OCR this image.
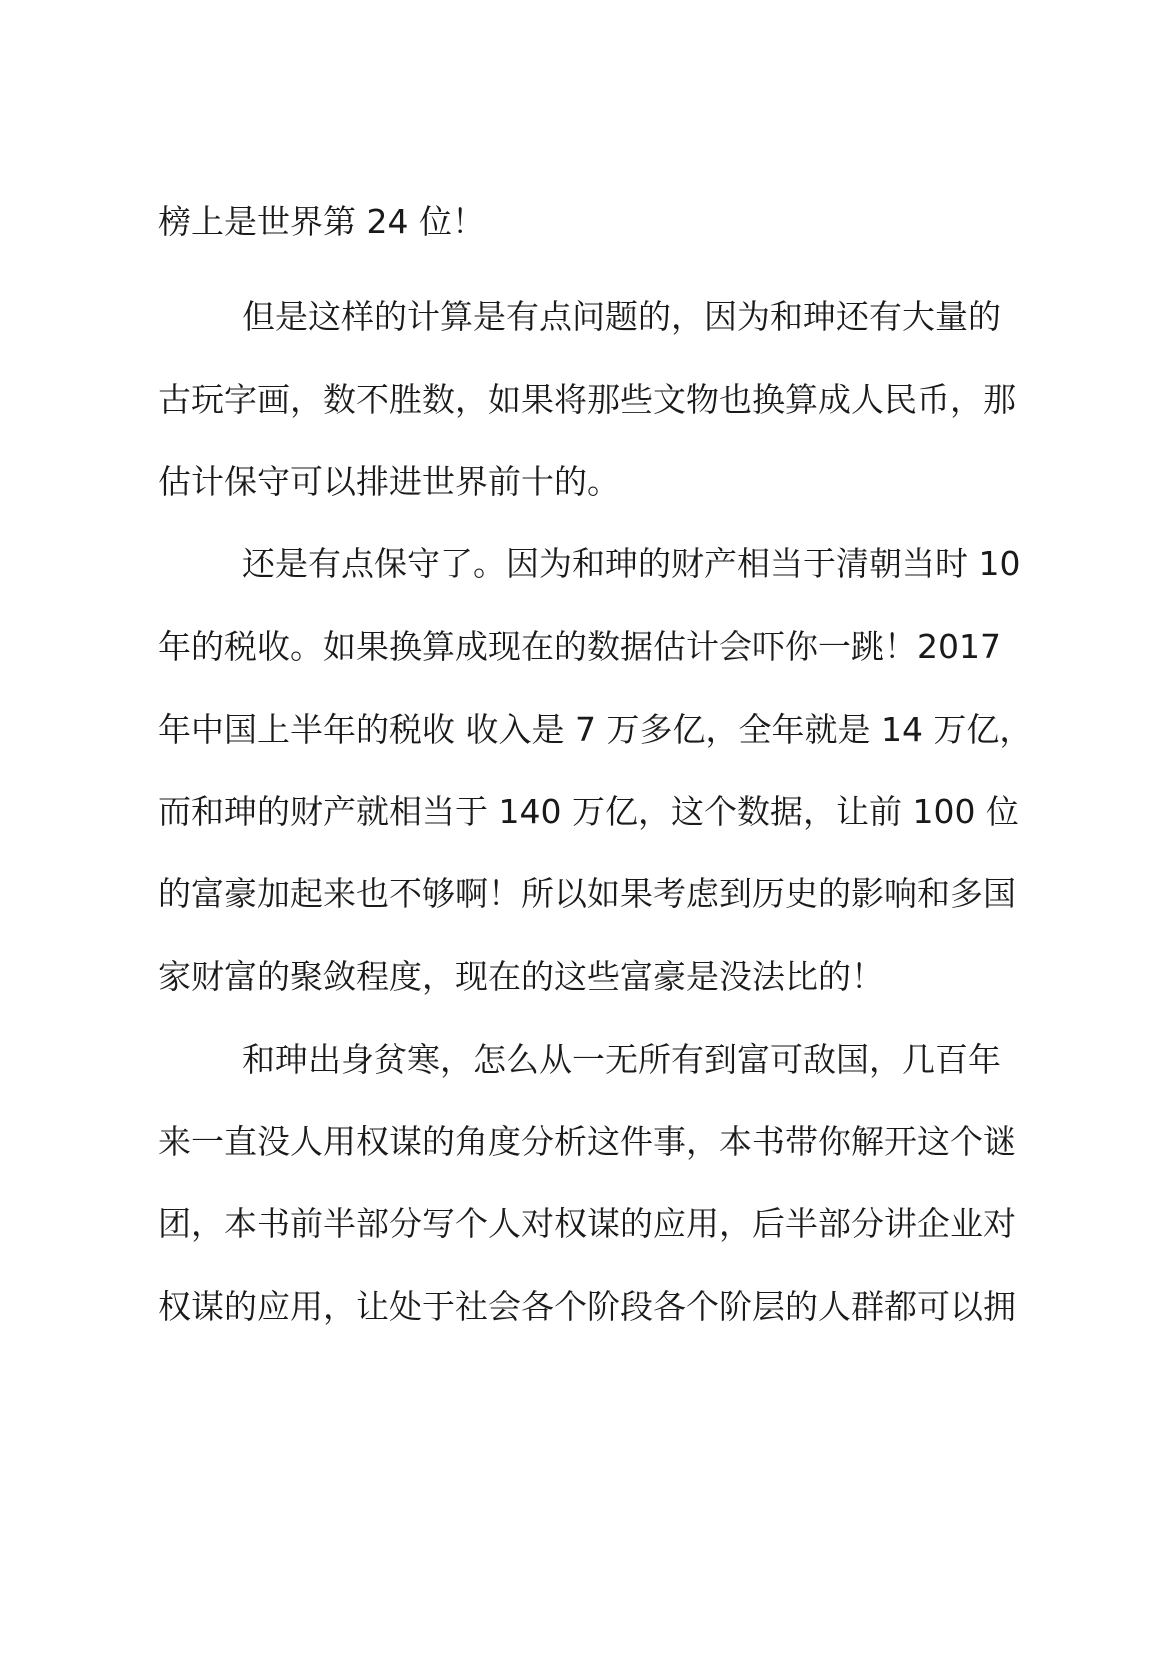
榜上是世界第 24 位！
但是这样的计算是有点问题的，因为和珅还有大量的
古玩字画，数不胜数，如果将那些文物也换算成人民币，那
估计保守可以排进世界前十的。
还是有点保守了。因为和珅的财产相当于清朝当时 10
年的税收。如果换算成现在的数据估计会吓你一跳！2017
年中国上半年的税收 收入是 7 万多亿，全年就是 14 万亿，
而和珅的财产就相当于 140 万亿，这个数据，让前 100 位
的富豪加起来也不够啊！所以如果考虑到历史的影响和多国
家财富的聚敛程度，现在的这些富豪是没法比的！
和珅出身贫寒，怎么从一无所有到富可敌国，几百年
来一直没人用权谋的角度分析这件事，本书带你解开这个谜
团，本书前半部分写个人对权谋的应用，后半部分讲企业对
权谋的应用，让处于社会各个阶段各个阶层的人群都可以拥
